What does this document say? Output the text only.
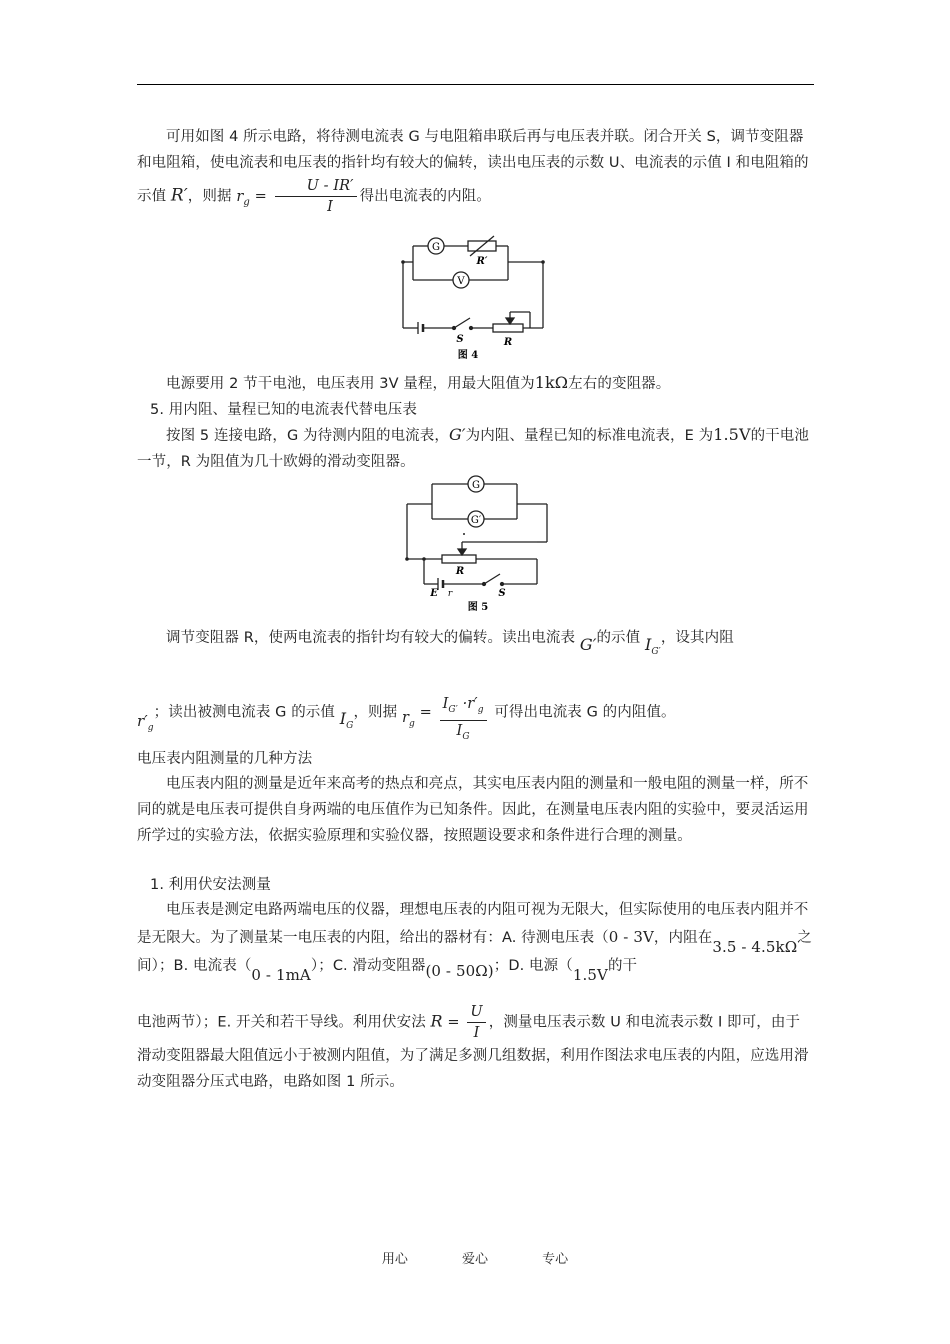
可用如图 4 所示电路，将待测电流表 G 与电阻箱串联后再与电压表并联。闭合开关 S，调节变阻器和电阻箱，使电流表和电压表的指针均有较大的偏转，读出电压表的示数 U、电流表的示值 I 和电阻箱的示值 R′，则据 $r_g = \frac{U - IR'}{I}$ 得出电流表的内阻。
G
V
R′
S	R
图 4
电源要用 2 节干电池，电压表用 3V 量程，用最大阻值为1kΩ左右的变阻器。
5. 用内阻、量程已知的电流表代替电压表
按图 5 连接电路，G 为待测内阻的电流表，G′为内阻、量程已知的标准电流表，E 为1.5V的干电池一节，R 为阻值为几十欧姆的滑动变阻器。
G
G′
R
E r	S
图 5
调节变阻器 R，使两电流表的指针均有较大的偏转。读出电流表 G′的示值 $I_{G'}$，设其内阻
$r'_g$；读出被测电流表 G 的示值 $I_G$，则据 $r_g = \frac{I_{G'} \cdot r'_g}{I_G}$ 可得出电流表 G 的内阻值。
电压表内阻测量的几种方法
电压表内阻的测量是近年来高考的热点和亮点，其实电压表内阻的测量和一般电阻的测量一样，所不同的就是电压表可提供自身两端的电压值作为已知条件。因此，在测量电压表内阻的实验中，要灵活运用所学过的实验方法，依据实验原理和实验仪器，按照题设要求和条件进行合理的测量。
1. 利用伏安法测量
电压表是测定电路两端电压的仪器，理想电压表的内阻可视为无限大，但实际使用的电压表内阻并不是无限大。为了测量某一电压表的内阻，给出的器材有：A. 待测电压表（0 - 3V，内阻在3.5 - 4.5kΩ之间）；B. 电流表（0 - 1mA）；C. 滑动变阻器(0 - 50Ω)；D. 电源（1.5V的干
电池两节）；E. 开关和若干导线。利用伏安法 $R = \frac{U}{I}$ ，测量电压表示数 U 和电流表示数 I 即可，由于滑动变阻器最大阻值远小于被测内阻值，为了满足多测几组数据，利用作图法求电压表的内阻，应选用滑动变阻器分压式电路，电路如图 1 所示。
用心	爱心	专心
